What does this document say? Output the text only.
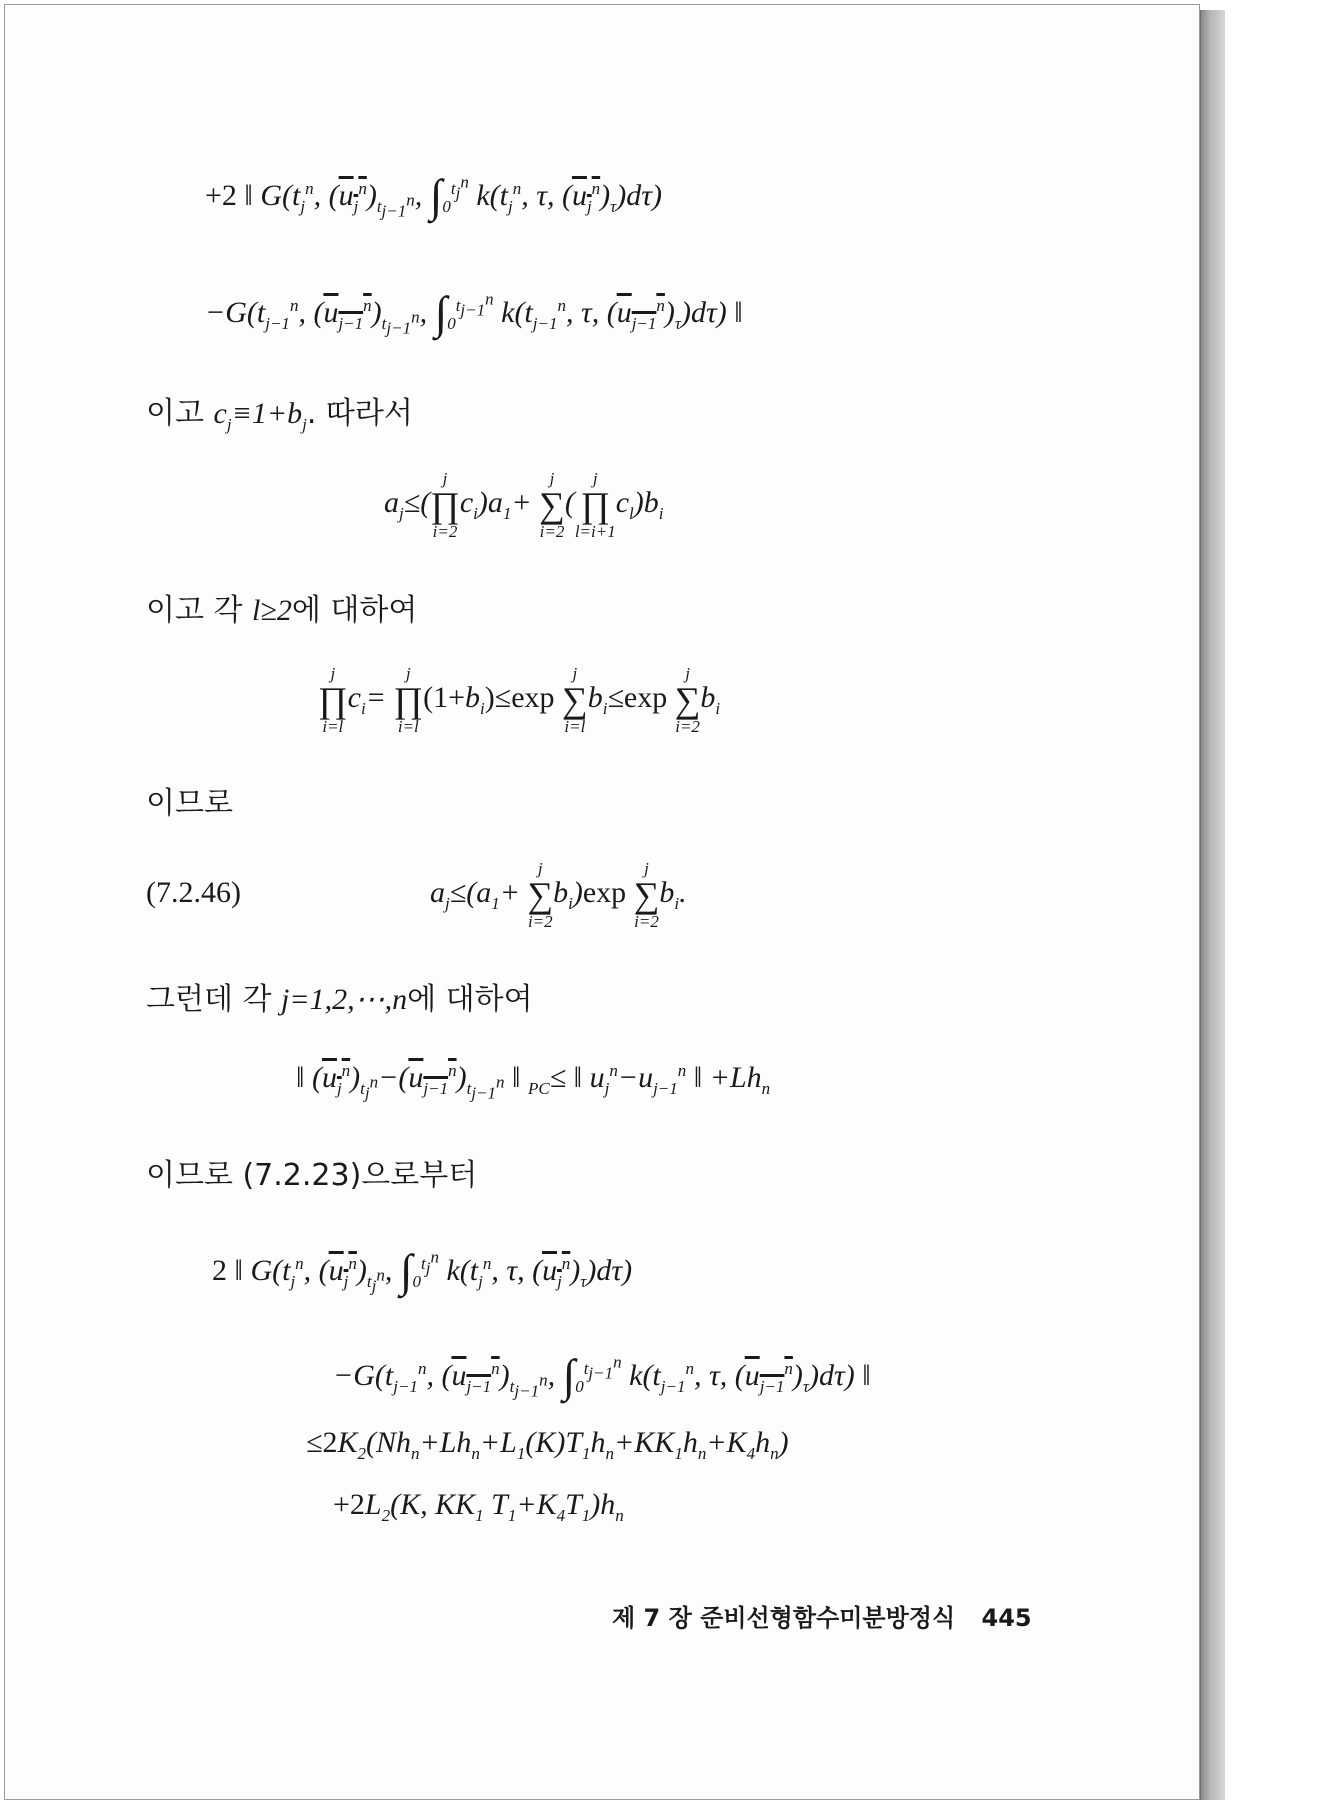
+2 ‖ $G(t_j^n$, $(u_j^n)_{t_{j-1}^n}$, $\int_0^{t_j^n}$ $k(t_j^n$, τ, $(u_j^n)_\tau)d\tau$)
$-G(t_{j-1}^n$, $(u_{j-1}^n)_{t_{j-1}^n}$, $\int_0^{t_{j-1}^n}$ $k(t_{j-1}^n$, τ, $(u_{j-1}^n)_\tau)d\tau$) ‖
이고 $c_j\equiv 1+b_j$. 따라서
$a_j\le$(
j
∏
i=2
$c_i)a_1+$
j
∑
i=2
(
j
∏
l=i+1
$c_l)b_i$
이고 각 l≥2에 대하여
j
∏
i=l
$c_i=$
j
∏
i=l
$(1+b_i)\le\exp$
j
∑
i=l
$b_i\le\exp$
j
∑
i=2
$b_i$
이므로
(7.2.46)	$a_j\le(a_1+$
j
∑
i=2
$b_i)\exp$
j
∑
i=2
$b_i$.
그런데 각 j=1,2,⋯,n에 대하여
‖ $(u_j^n)_{t_j^n}-(u_{j-1}^n)_{t_{j-1}^n}$ ‖ $_{PC}$≤ ‖ $u_j^n-u_{j-1}^n$ ‖ $+Lh_n$
이므로 (7.2.23)으로부터
2 ‖ $G(t_j^n$, $(u_j^n)_{t_j^n}$, $\int_0^{t_j^n}$ $k(t_j^n$, τ, $(u_j^n)_\tau)d\tau$)
$-G(t_{j-1}^n$, $(u_{j-1}^n)_{t_{j-1}^n}$, $\int_0^{t_{j-1}^n}$ $k(t_{j-1}^n$, τ, $(u_{j-1}^n)_\tau)d\tau$) ‖
$\le 2K_2(Nh_n+Lh_n+L_1(K)T_1h_n+KK_1h_n+K_4h_n)$
$+2L_2(K$, $KK_1$ $T_1+K_4T_1)h_n$
제 7 장 준비선형함수미분방정식 445
